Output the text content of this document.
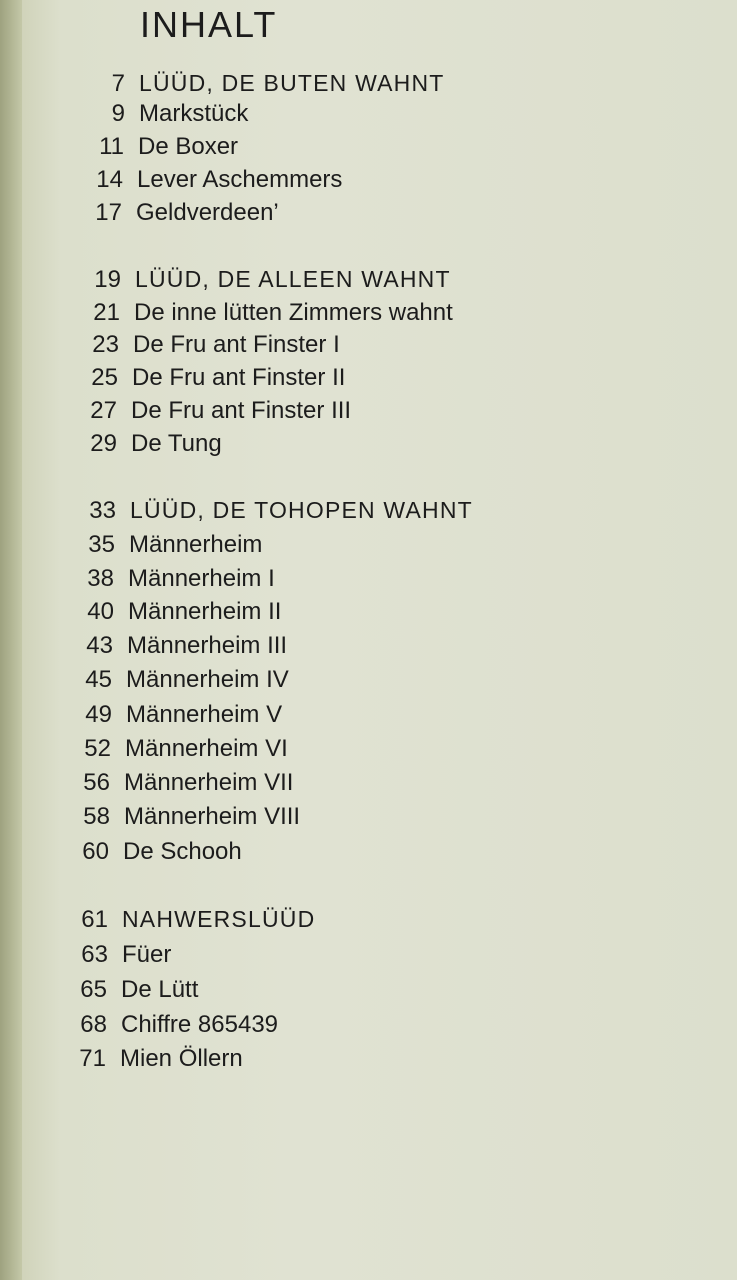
INHALT
7 LÜÜD, DE BUTEN WAHNT
9 Markstück
11 De Boxer
14 Lever Aschemmers
17 Geldverdeen’
19 LÜÜD, DE ALLEEN WAHNT
21 De inne lütten Zimmers wahnt
23 De Fru ant Finster I
25 De Fru ant Finster II
27 De Fru ant Finster III
29 De Tung
33 LÜÜD, DE TOHOPEN WAHNT
35 Männerheim
38 Männerheim I
40 Männerheim II
43 Männerheim III
45 Männerheim IV
49 Männerheim V
52 Männerheim VI
56 Männerheim VII
58 Männerheim VIII
60 De Schooh
61 NAHWERSLÜÜD
63 Füer
65 De Lütt
68 Chiffre 865439
71 Mien Öllern
